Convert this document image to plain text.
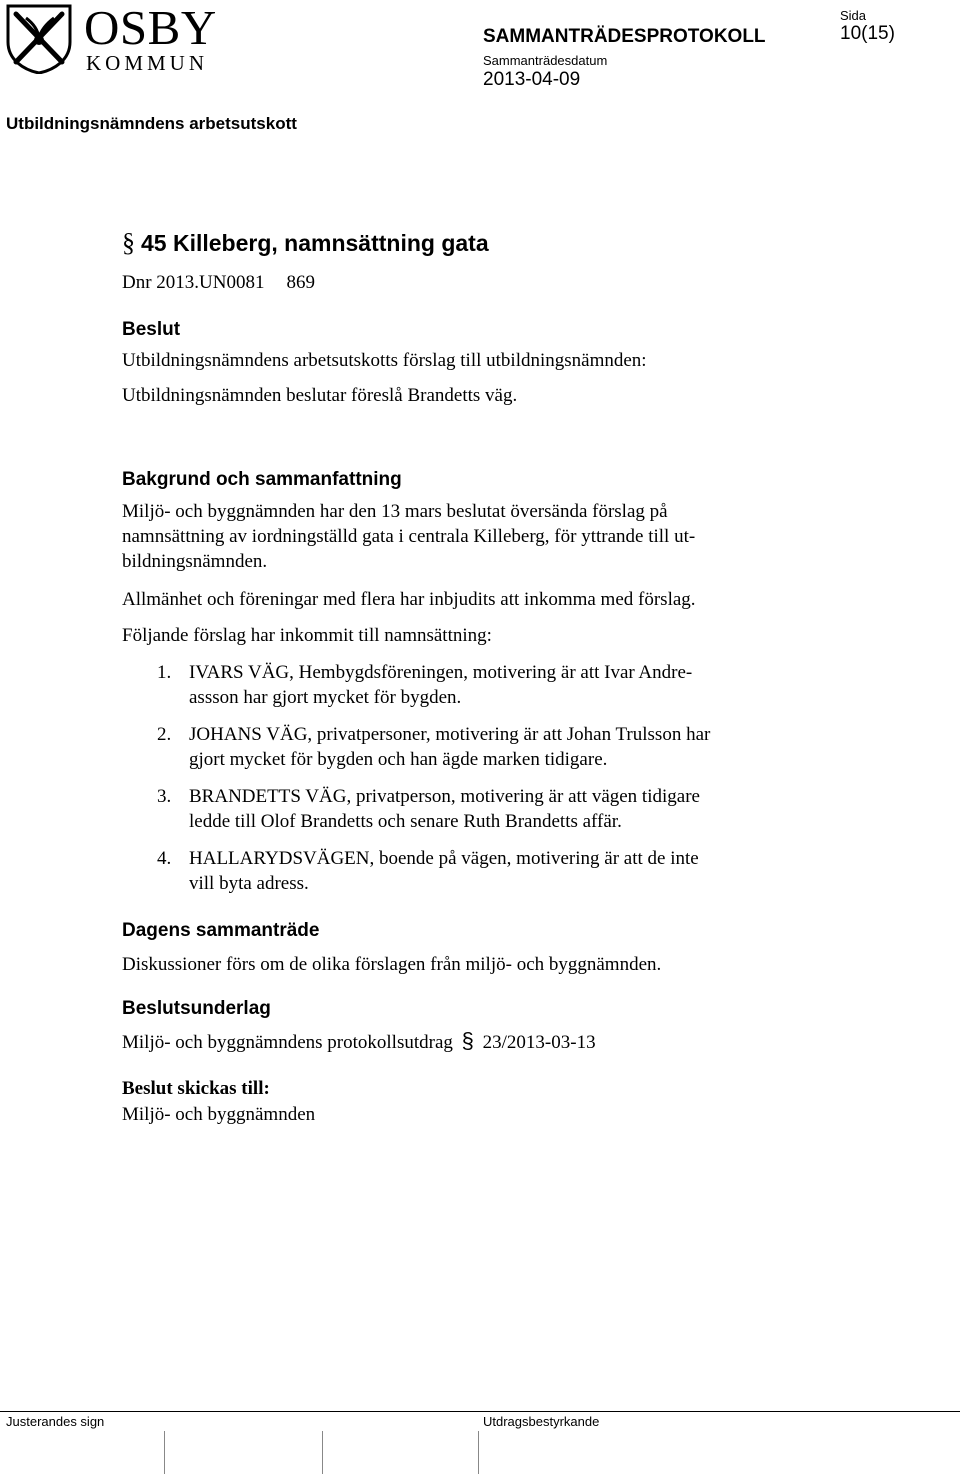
OSBY
KOMMUN
SAMMANTRÄDESPROTOKOLL
Sammanträdesdatum
2013-04-09
Sida
10(15)
Utbildningsnämndens arbetsutskott
§ 45 Killeberg, namnsättning gata
Dnr 2013.UN0081 869
Beslut
Utbildningsnämndens arbetsutskotts förslag till utbildningsnämnden:
Utbildningsnämnden beslutar föreslå Brandetts väg.
Bakgrund och sammanfattning
Miljö- och byggnämnden har den 13 mars beslutat översända förslag på
namnsättning av iordningställd gata i centrala Killeberg, för yttrande till ut-
bildningsnämnden.
Allmänhet och föreningar med flera har inbjudits att inkomma med förslag.
Följande förslag har inkommit till namnsättning:
1. IVARS VÄG, Hembygdsföreningen, motivering är att Ivar Andre-
assson har gjort mycket för bygden.
2. JOHANS VÄG, privatpersoner, motivering är att Johan Trulsson har
gjort mycket för bygden och han ägde marken tidigare.
3. BRANDETTS VÄG, privatperson, motivering är att vägen tidigare
ledde till Olof Brandetts och senare Ruth Brandetts affär.
4. HALLARYDSVÄGEN, boende på vägen, motivering är att de inte
vill byta adress.
Dagens sammanträde
Diskussioner förs om de olika förslagen från miljö- och byggnämnden.
Beslutsunderlag
Miljö- och byggnämndens protokollsutdrag § 23/2013-03-13
Beslut skickas till:
Miljö- och byggnämnden
Justerandes sign	Utdragsbestyrkande
